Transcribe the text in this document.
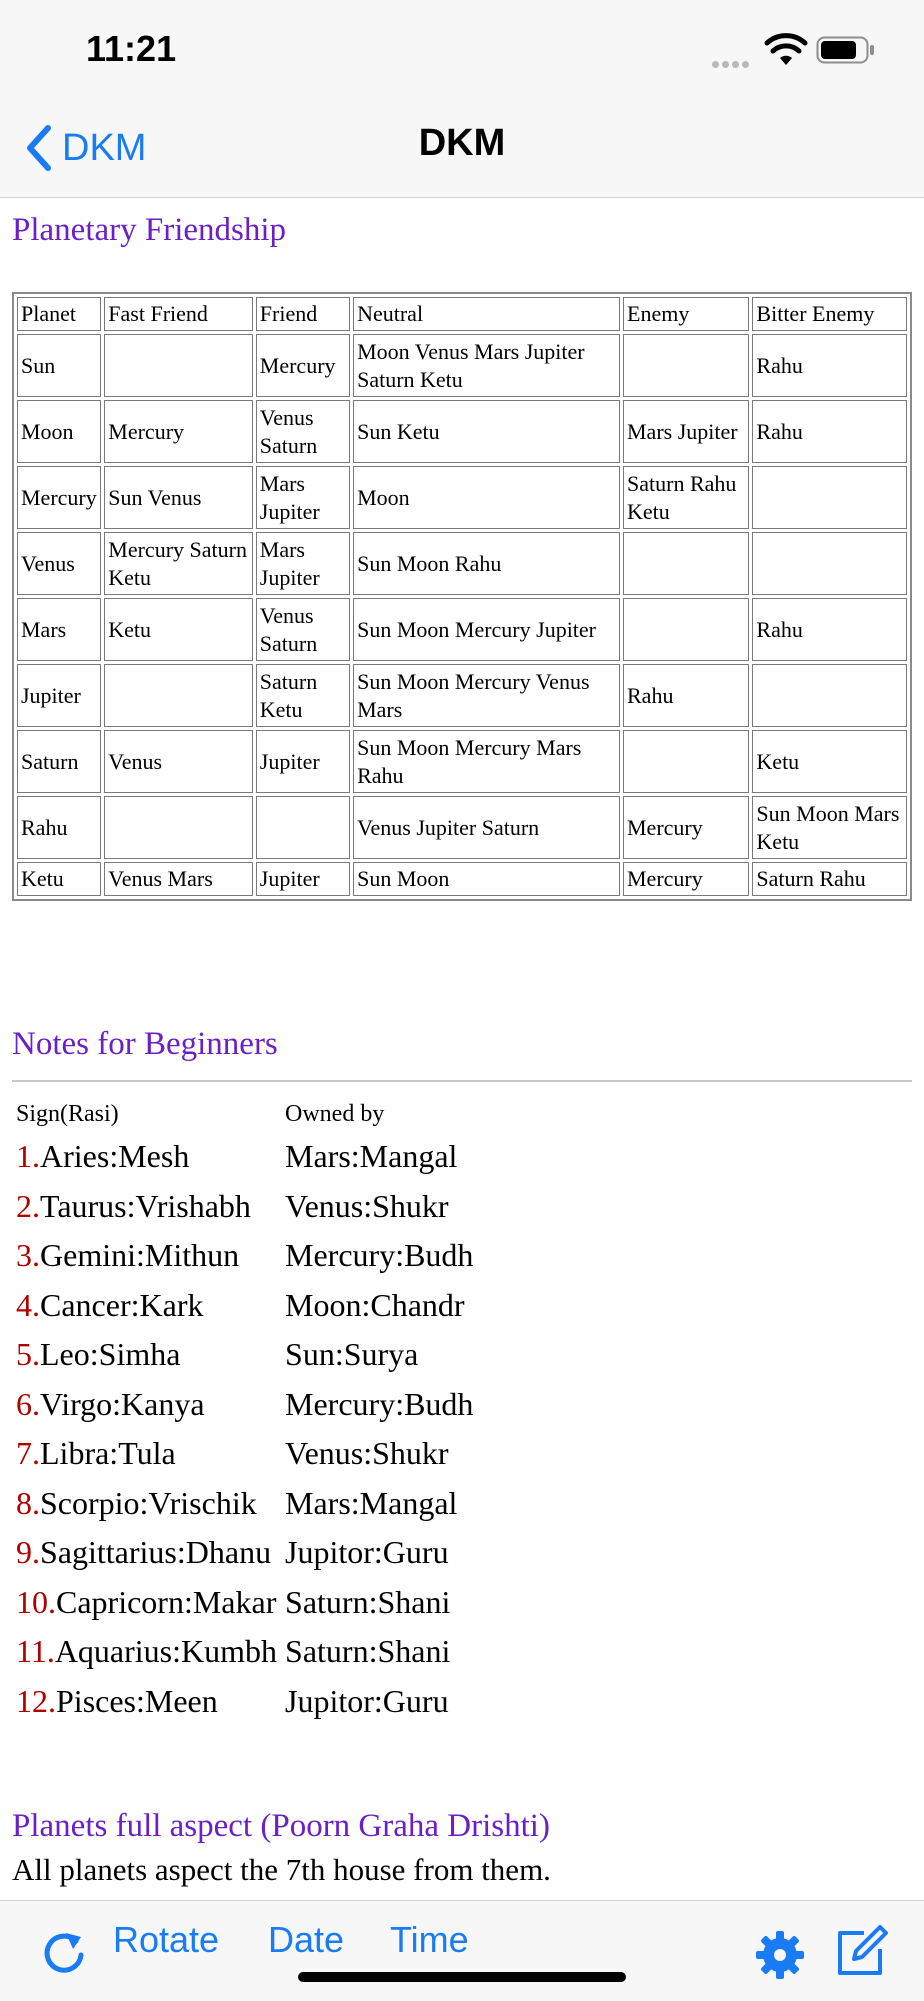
11:21
DKM	DKM
Planetary Friendship
Planet	Fast Friend	Friend	Neutral	Enemy	Bitter Enemy
Sun		Mercury	Moon Venus Mars Jupiter Saturn Ketu		Rahu
Moon	Mercury	Venus Saturn	Sun Ketu	Mars Jupiter	Rahu
Mercury	Sun Venus	Mars Jupiter	Moon	Saturn Rahu Ketu	
Venus	Mercury Saturn Ketu	Mars Jupiter	Sun Moon Rahu		
Mars	Ketu	Venus Saturn	Sun Moon Mercury Jupiter		Rahu
Jupiter		Saturn Ketu	Sun Moon Mercury Venus Mars	Rahu	
Saturn	Venus	Jupiter	Sun Moon Mercury Mars Rahu		Ketu
Rahu			Venus Jupiter Saturn	Mercury	Sun Moon Mars Ketu
Ketu	Venus Mars	Jupiter	Sun Moon	Mercury	Saturn Rahu
Notes for Beginners
Sign(Rasi)	Owned by
1.Aries:Mesh	Mars:Mangal
2.Taurus:Vrishabh	Venus:Shukr
3.Gemini:Mithun	Mercury:Budh
4.Cancer:Kark	Moon:Chandr
5.Leo:Simha	Sun:Surya
6.Virgo:Kanya	Mercury:Budh
7.Libra:Tula	Venus:Shukr
8.Scorpio:Vrischik	Mars:Mangal
9.Sagittarius:Dhanu	Jupitor:Guru
10.Capricorn:Makar	Saturn:Shani
11.Aquarius:Kumbh	Saturn:Shani
12.Pisces:Meen	Jupitor:Guru
Planets full aspect (Poorn Graha Drishti)
All planets aspect the 7th house from them.
Rotate Date Time
